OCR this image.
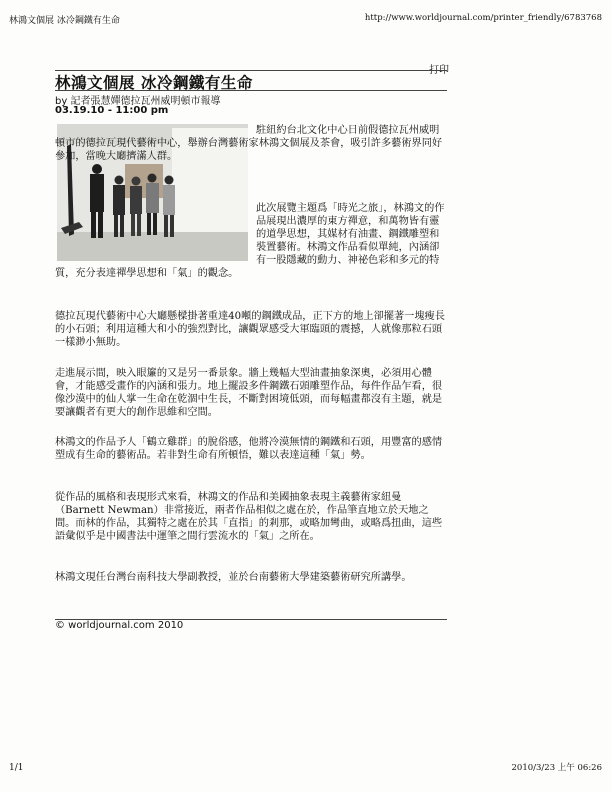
林鴻文個展 冰冷鋼鐵有生命	http://www.worldjournal.com/printer_friendly/6783768
打印
林鴻文個展 冰冷鋼鐵有生命
by 記者張慧嬋德拉瓦州威明頓市報導
03.19.10 - 11:00 pm

駐紐約台北文化中心日前假德拉瓦州威明頓市的德拉瓦現代藝術中心，舉辦台灣藝術家林鴻文個展及茶會，吸引許多藝術界同好參加，當晚大廳擠滿人群。

此次展覽主題爲「時光之旅」，林鴻文的作品展現出濃厚的東方禪意，和萬物皆有靈的道學思想，其媒材有油畫、鋼鐵雕塑和裝置藝術。林鴻文作品看似單純，內涵卻有一股隱藏的動力、神祕色彩和多元的特質，充分表達禪學思想和「氣」的觀念。

德拉瓦現代藝術中心大廳懸樑掛著重達40噸的鋼鐵成品，正下方的地上卻擺著一塊瘦長的小石頭；利用這種大和小的強烈對比，讓觀眾感受大軍臨頭的震撼，人就像那粒石頭一樣渺小無助。

走進展示間，映入眼簾的又是另一番景象。牆上幾幅大型油畫抽象深奧，必須用心體會，才能感受畫作的內涵和張力。地上擺設多件鋼鐵石頭雕塑作品，每件作品乍看，很像沙漠中的仙人掌一生命在乾涸中生長，不斷對困境低頭，而每幅畫都沒有主題，就是要讓觀者有更大的創作思維和空間。

林鴻文的作品予人「鶴立雞群」的脫俗感，他將冷漠無情的鋼鐵和石頭，用豐富的感情塑成有生命的藝術品。若非對生命有所頓悟，難以表達這種「氣」勢。

從作品的風格和表現形式來看，林鴻文的作品和美國抽象表現主義藝術家紐曼（Barnett Newman）非常接近，兩者作品相似之處在於，作品筆直地立於天地之間。而林的作品，其獨特之處在於其「直指」的剎那，或略加彎曲，或略爲扭曲，這些語彙似乎是中國書法中運筆之間行雲流水的「氣」之所在。

林鴻文現任台灣台南科技大學副教授，並於台南藝術大學建築藝術研究所講學。

© worldjournal.com 2010
1/1	2010/3/23 上午 06:26
